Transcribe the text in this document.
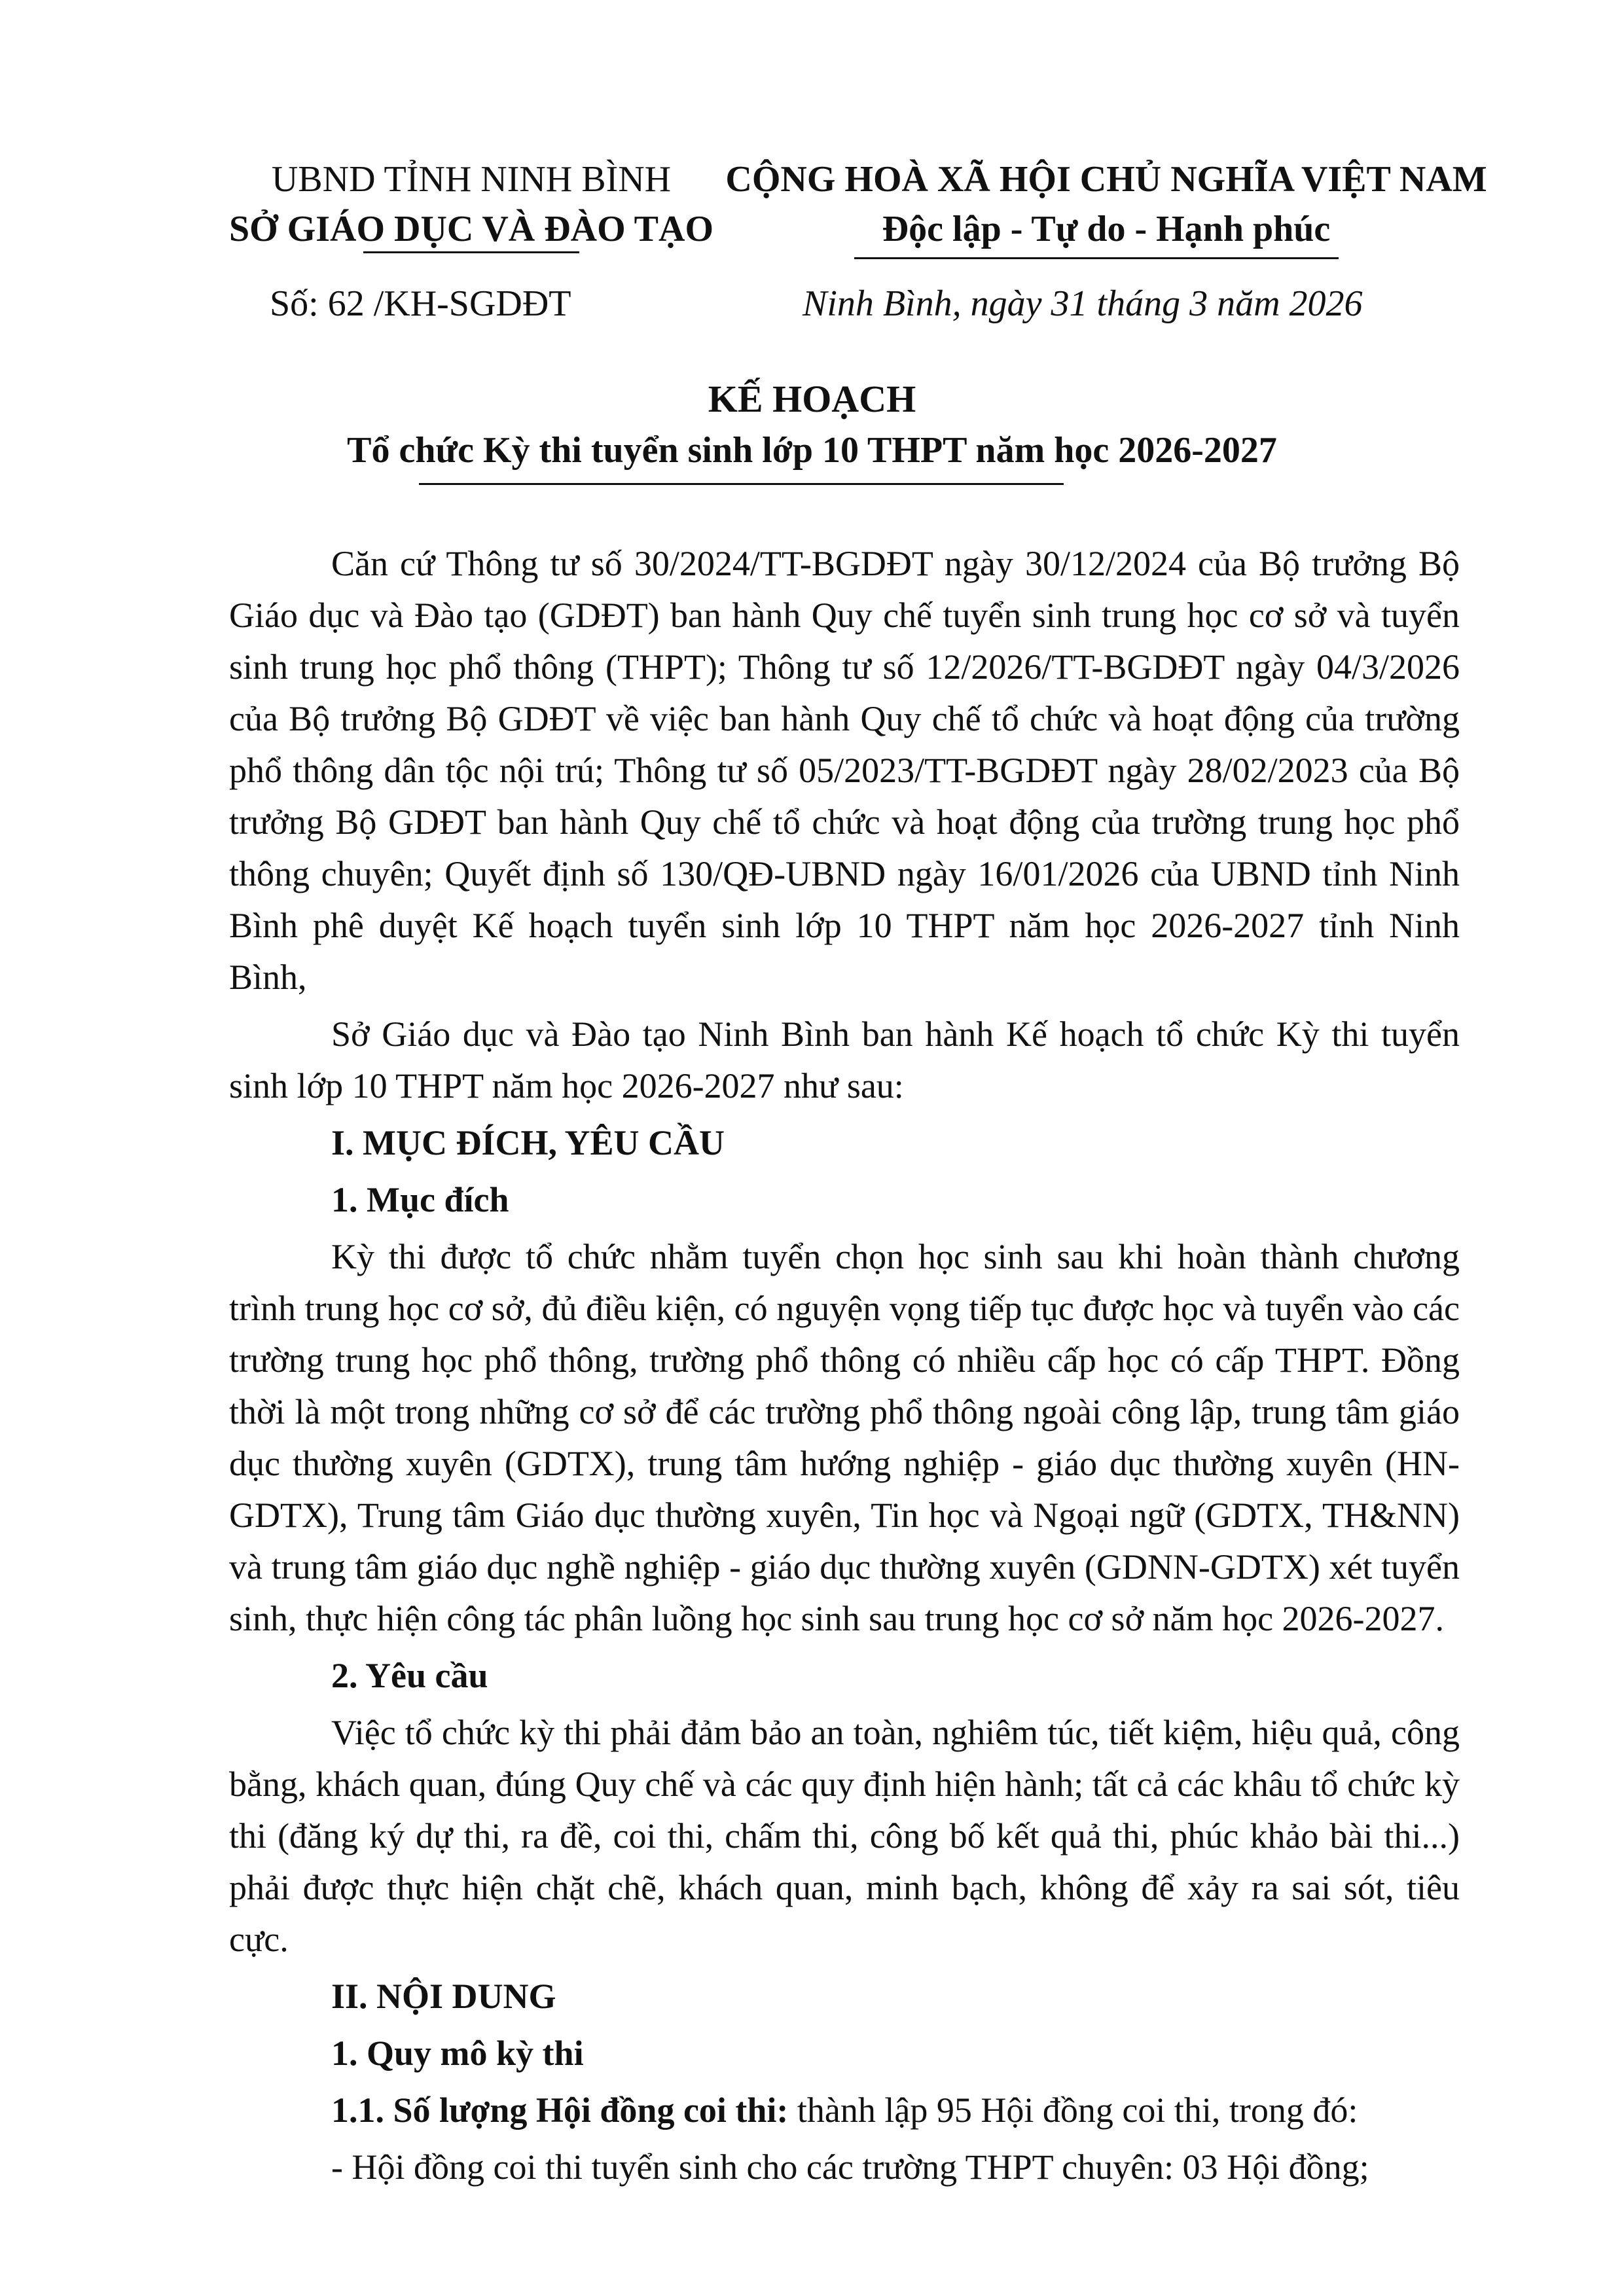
UBND TỈNH NINH BÌNH
SỞ GIÁO DỤC VÀ ĐÀO TẠO
CỘNG HOÀ XÃ HỘI CHỦ NGHĨA VIỆT NAM
Độc lập - Tự do - Hạnh phúc
Số: 62 /KH-SGDĐT	Ninh Bình, ngày 31 tháng 3 năm 2026
KẾ HOẠCH
Tổ chức Kỳ thi tuyển sinh lớp 10 THPT năm học 2026-2027

Căn cứ Thông tư số 30/2024/TT-BGDĐT ngày 30/12/2024 của Bộ trưởng Bộ Giáo dục và Đào tạo (GDĐT) ban hành Quy chế tuyển sinh trung học cơ sở và tuyển sinh trung học phổ thông (THPT); Thông tư số 12/2026/TT-BGDĐT ngày 04/3/2026 của Bộ trưởng Bộ GDĐT về việc ban hành Quy chế tổ chức và hoạt động của trường phổ thông dân tộc nội trú; Thông tư số 05/2023/TT-BGDĐT ngày 28/02/2023 của Bộ trưởng Bộ GDĐT ban hành Quy chế tổ chức và hoạt động của trường trung học phổ thông chuyên; Quyết định số 130/QĐ-UBND ngày 16/01/2026 của UBND tỉnh Ninh Bình phê duyệt Kế hoạch tuyển sinh lớp 10 THPT năm học 2026-2027 tỉnh Ninh Bình,

Sở Giáo dục và Đào tạo Ninh Bình ban hành Kế hoạch tổ chức Kỳ thi tuyển sinh lớp 10 THPT năm học 2026-2027 như sau:

I. MỤC ĐÍCH, YÊU CẦU
1. Mục đích

Kỳ thi được tổ chức nhằm tuyển chọn học sinh sau khi hoàn thành chương trình trung học cơ sở, đủ điều kiện, có nguyện vọng tiếp tục được học và tuyển vào các trường trung học phổ thông, trường phổ thông có nhiều cấp học có cấp THPT. Đồng thời là một trong những cơ sở để các trường phổ thông ngoài công lập, trung tâm giáo dục thường xuyên (GDTX), trung tâm hướng nghiệp - giáo dục thường xuyên (HN-GDTX), Trung tâm Giáo dục thường xuyên, Tin học và Ngoại ngữ (GDTX, TH&NN) và trung tâm giáo dục nghề nghiệp - giáo dục thường xuyên (GDNN-GDTX) xét tuyển sinh, thực hiện công tác phân luồng học sinh sau trung học cơ sở năm học 2026-2027.

2. Yêu cầu

Việc tổ chức kỳ thi phải đảm bảo an toàn, nghiêm túc, tiết kiệm, hiệu quả, công bằng, khách quan, đúng Quy chế và các quy định hiện hành; tất cả các khâu tổ chức kỳ thi (đăng ký dự thi, ra đề, coi thi, chấm thi, công bố kết quả thi, phúc khảo bài thi...) phải được thực hiện chặt chẽ, khách quan, minh bạch, không để xảy ra sai sót, tiêu cực.

II. NỘI DUNG
1. Quy mô kỳ thi
1.1. Số lượng Hội đồng coi thi: thành lập 95 Hội đồng coi thi, trong đó:
- Hội đồng coi thi tuyển sinh cho các trường THPT chuyên: 03 Hội đồng;
